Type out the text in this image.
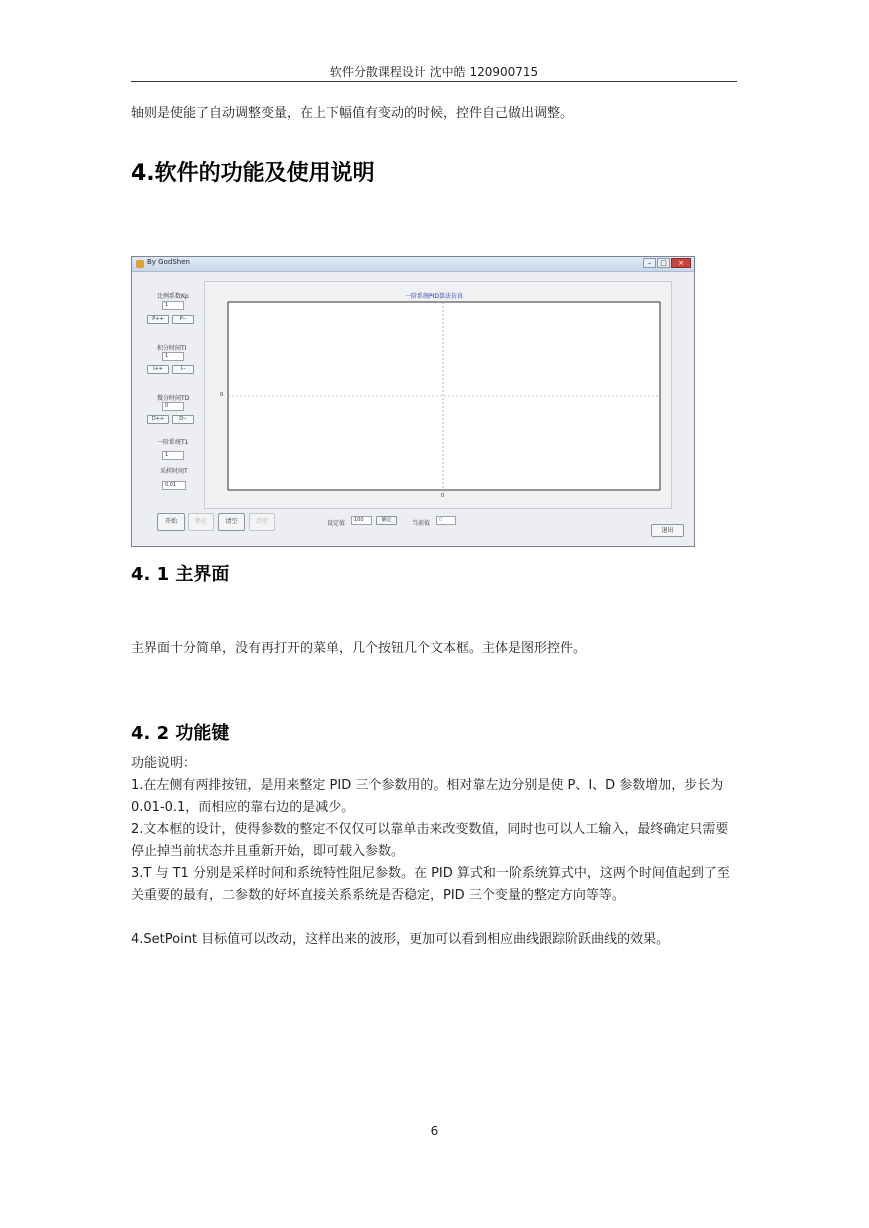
软件分散课程设计 沈中皓 120900715
轴则是使能了自动调整变量，在上下幅值有变动的时候，控件自己做出调整。
4.软件的功能及使用说明
By GodShen	–	□	×
比例系数Kp
1
P++	P--
积分时间TI
1
I++	I--
微分时间TD
0
D++	D--
一阶系统T1
1
采样时间T
0.01
一阶系统PID算法仿真
0
0
开始	停止	清空	历史	设定值	100	确定	当前值	0
退出
4. 1 主界面
主界面十分简单，没有再打开的菜单，几个按钮几个文本框。主体是图形控件。
4. 2 功能键
功能说明：
1.在左侧有两排按钮，是用来整定 PID 三个参数用的。相对靠左边分别是使 P、I、D 参数增加，步长为 0.01-0.1，而相应的靠右边的是减少。
2.文本框的设计，使得参数的整定不仅仅可以靠单击来改变数值，同时也可以人工输入，最终确定只需要停止掉当前状态并且重新开始，即可载入参数。
3.T 与 T1 分别是采样时间和系统特性阻尼参数。在 PID 算式和一阶系统算式中，这两个时间值起到了至关重要的最有，二参数的好坏直接关系系统是否稳定，PID 三个变量的整定方向等等。
4.SetPoint 目标值可以改动，这样出来的波形，更加可以看到相应曲线跟踪阶跃曲线的效果。
6
